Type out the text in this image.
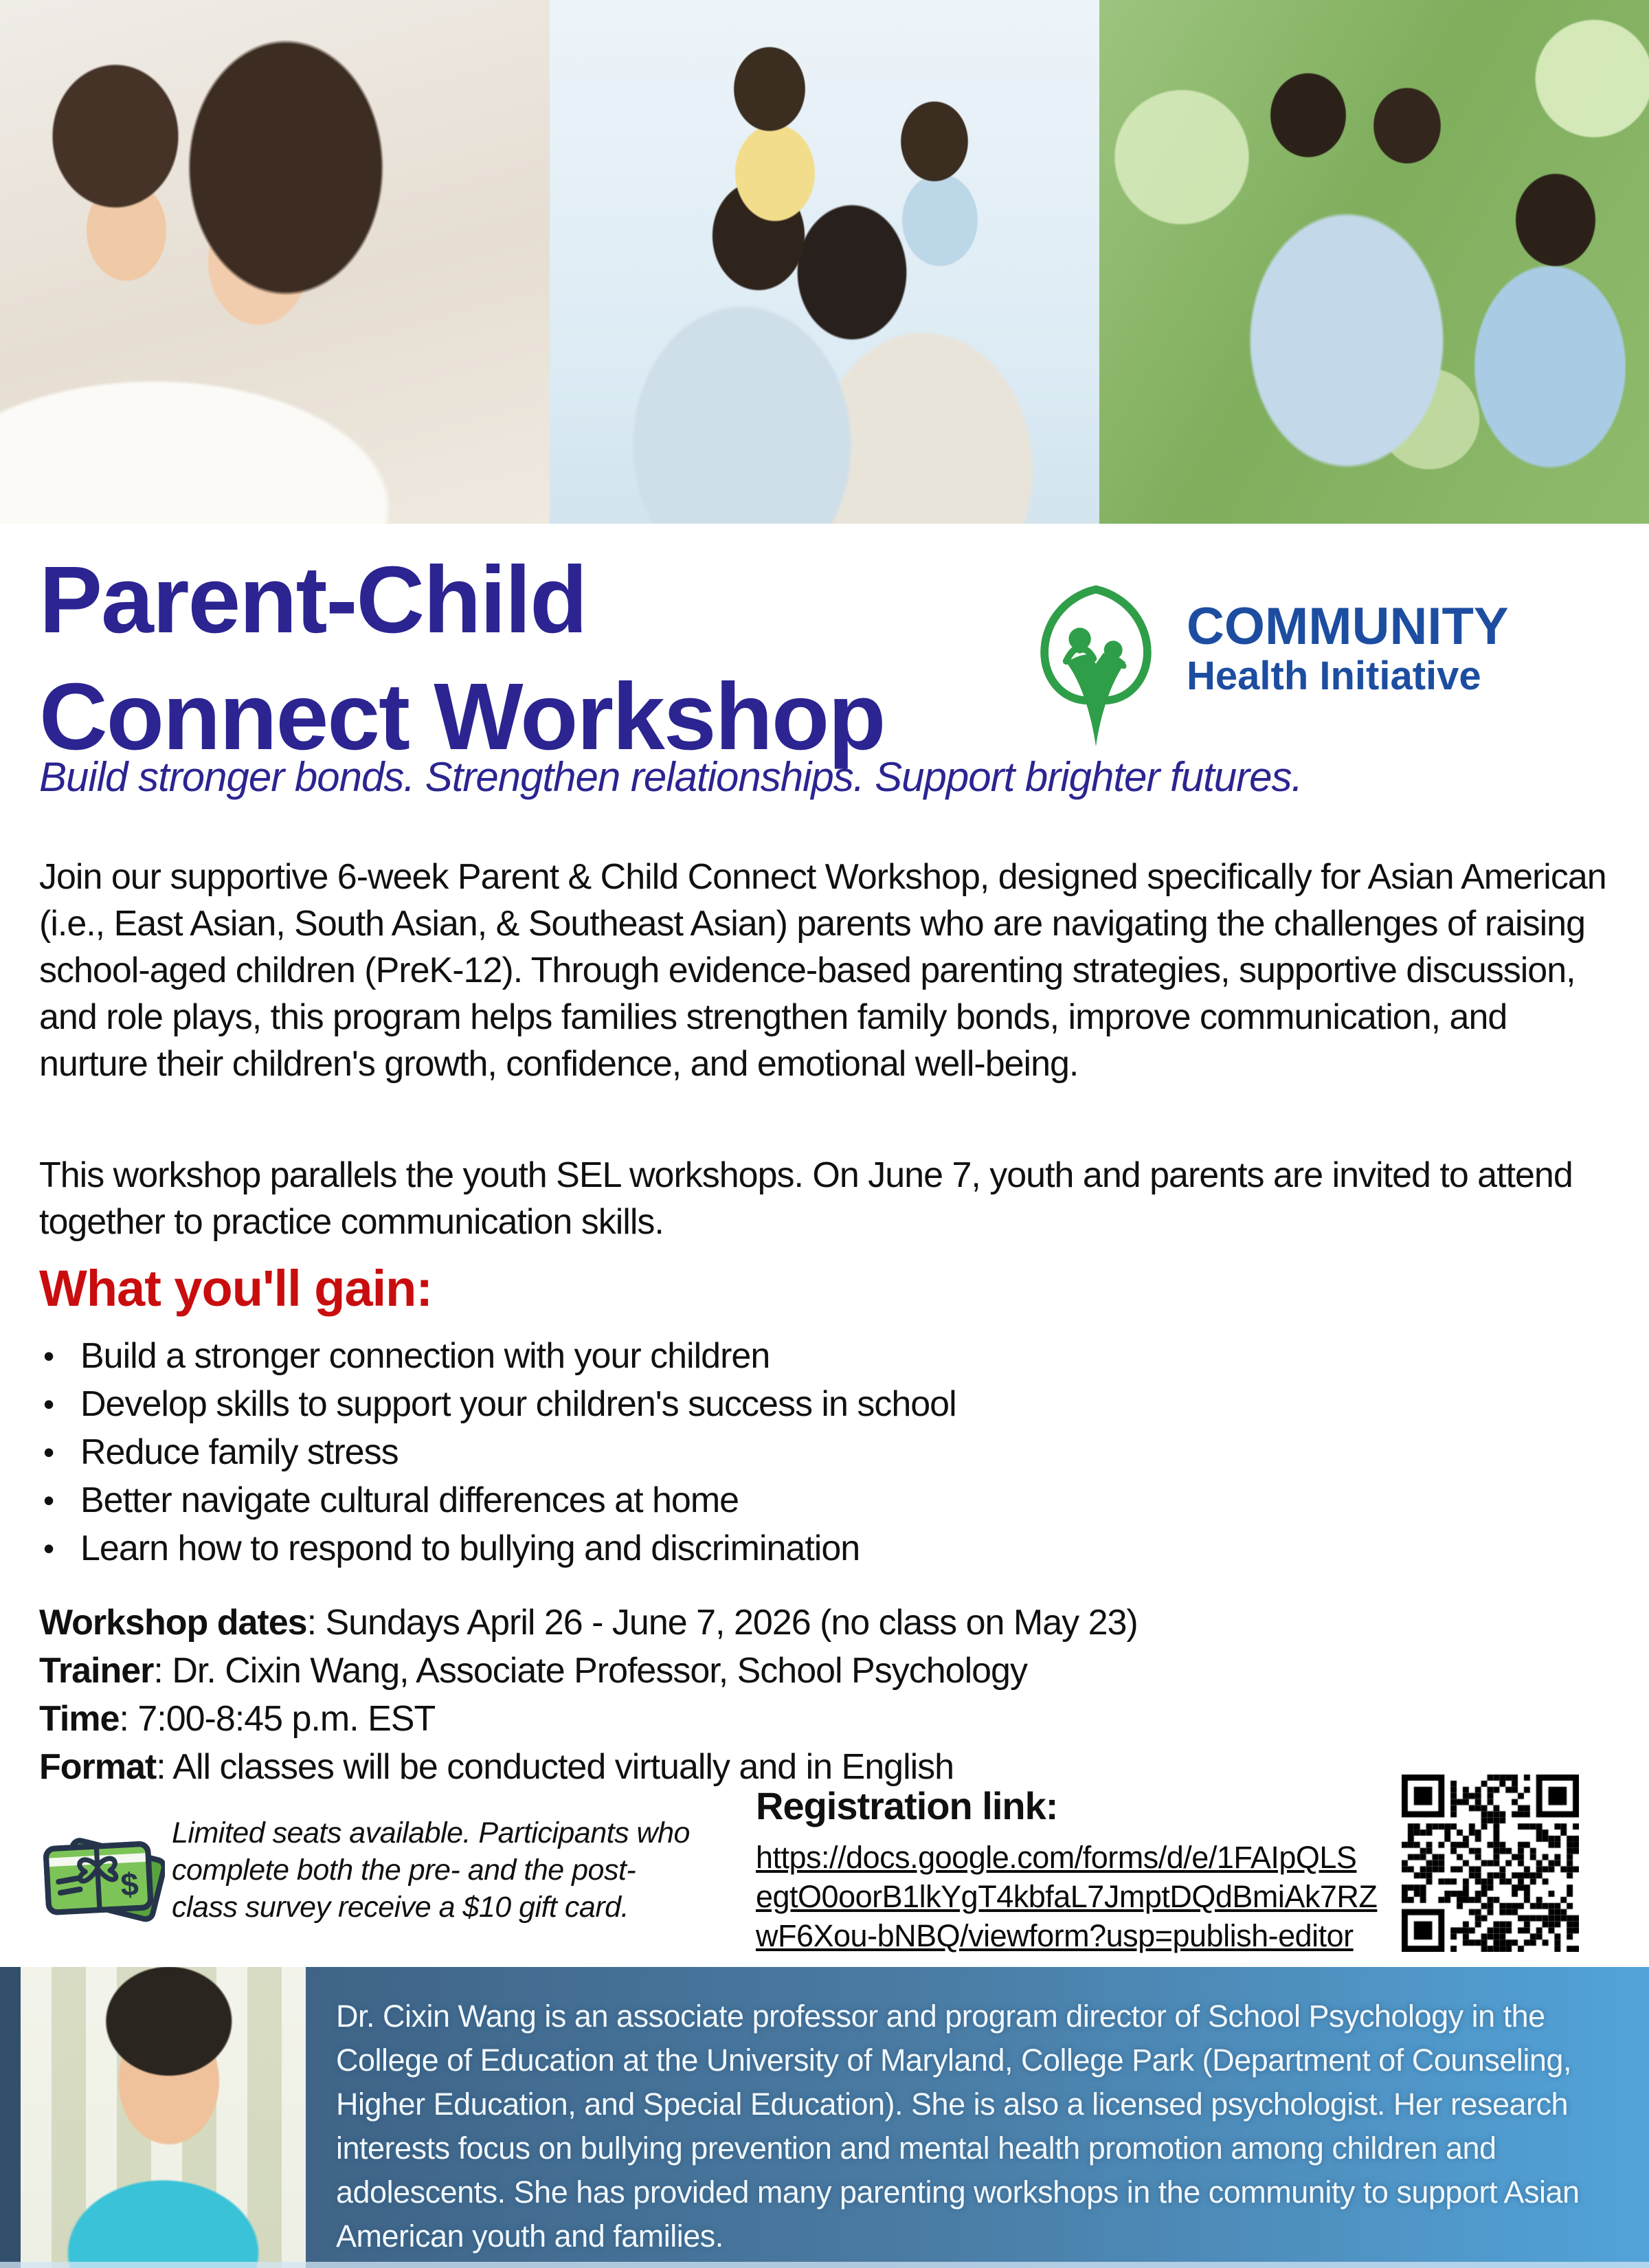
Parent-Child
Connect Workshop
COMMUNITY
Health Initiative
Build stronger bonds. Strengthen relationships. Support brighter futures.
Join our supportive 6-week Parent & Child Connect Workshop, designed specifically for Asian American (i.e., East Asian, South Asian, & Southeast Asian) parents who are navigating the challenges of raising school-aged children (PreK-12). Through evidence-based parenting strategies, supportive discussion, and role plays, this program helps families strengthen family bonds, improve communication, and nurture their children's growth, confidence, and emotional well-being.
This workshop parallels the youth SEL workshops. On June 7, youth and parents are invited to attend together to practice communication skills.
What you'll gain:
• Build a stronger connection with your children
• Develop skills to support your children's success in school
• Reduce family stress
• Better navigate cultural differences at home
• Learn how to respond to bullying and discrimination
Workshop dates: Sundays April 26 - June 7, 2026 (no class on May 23)
Trainer: Dr. Cixin Wang, Associate Professor, School Psychology
Time: 7:00-8:45 p.m. EST
Format: All classes will be conducted virtually and in English
$
Limited seats available. Participants who complete both the pre- and the post-class survey receive a $10 gift card.
Registration link:
https://docs.google.com/forms/d/e/1FAIpQLS
egtO0oorB1lkYgT4kbfaL7JmptDQdBmiAk7RZ
wF6Xou-bNBQ/viewform?usp=publish-editor
Dr. Cixin Wang is an associate professor and program director of School Psychology in the College of Education at the University of Maryland, College Park (Department of Counseling, Higher Education, and Special Education). She is also a licensed psychologist. Her research interests focus on bullying prevention and mental health promotion among children and adolescents. She has provided many parenting workshops in the community to support Asian American youth and families.
